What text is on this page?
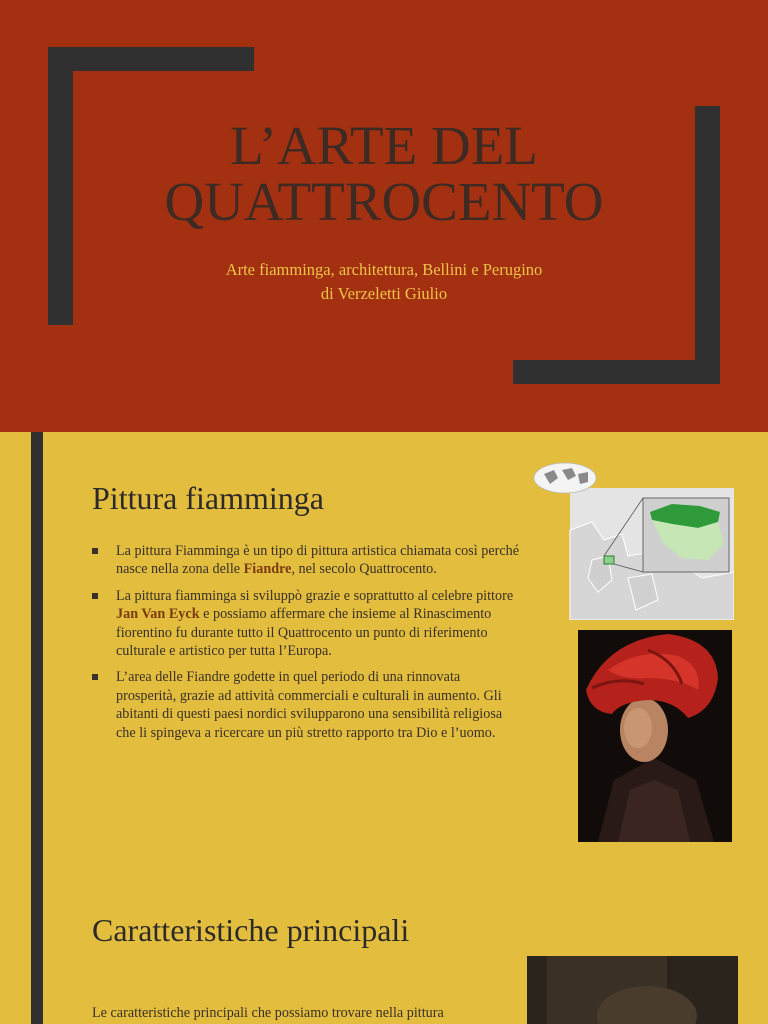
L’ARTE DEL
QUATTROCENTO
Arte fiamminga, architettura, Bellini e Perugino
di Verzeletti Giulio
Pittura fiamminga
La pittura Fiamminga è un tipo di pittura artistica chiamata così perché nasce nella zona delle Fiandre, nel secolo Quattrocento.
La pittura fiamminga si sviluppò grazie e soprattutto al celebre pittore Jan Van Eyck e possiamo affermare che insieme al Rinascimento fiorentino fu durante tutto il Quattrocento un punto di riferimento culturale e artistico per tutta l’Europa.
L’area delle Fiandre godette in quel periodo di una rinnovata prosperità, grazie ad attività commerciali e culturali in aumento. Gli abitanti di questi paesi nordici svilupparono una sensibilità religiosa che li spingeva a ricercare un più stretto rapporto tra Dio e l’uomo.
Caratteristiche principali

Le caratteristiche principali che possiamo trovare nella pittura
